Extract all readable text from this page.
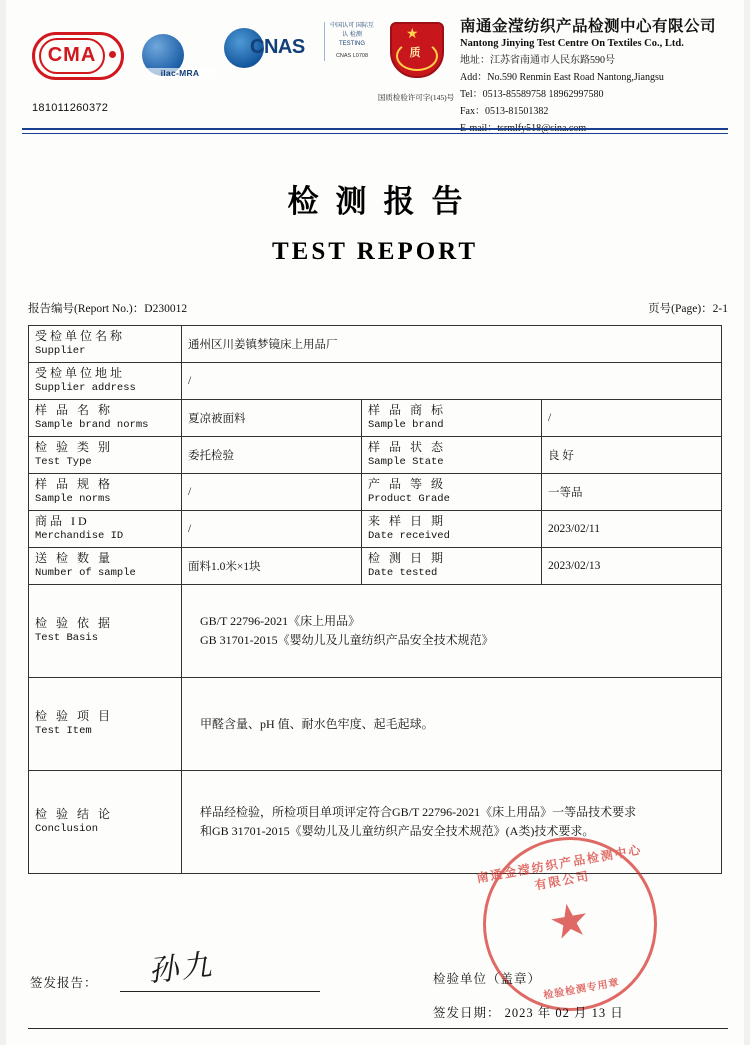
CMA
ilac-MRA
CNAS
中国认可 国际互认 检测
TESTING
CNAS L0708
★
质
国质检验许可字(145)号
181011260372
南通金滢纺织产品检测中心有限公司
Nantong Jinying Test Centre On Textiles Co., Ltd.
地址：江苏省南通市人民东路590号
Add：No.590 Renmin East Road Nantong,Jiangsu
Tel：0513-85589758 18962997580
Fax：0513-81501382
E-mail：tsrmlfy518@sina.com
检测报告
TEST REPORT
报告编号(Report No.)：D230012	页号(Page)：2-1
受检单位名称
Supplier	通州区川姜镇梦镜床上用品厂		

受检单位地址
Supplier address	/		

样 品 名 称
Sample brand norms	夏凉被面料	
样 品 商 标
Sample brand
	/

检 验 类 别
Test Type	委托检验	
样 品 状 态
Sample State	良 好

样 品 规 格
Sample norms
	/	
产 品 等 级
Product Grade	一等品

商品 ID
Merchandise ID
	/	
来 样 日 期
Date received
	2023/02/11

送 检 数 量
Number of sample	面料1.0米×1块	
检 测 日 期
Date tested
	2023/02/13

检 验 依 据
Test Basis

GB/T 22796-2021《床上用品》
GB 31701-2015《婴幼儿及儿童纺织产品安全技术规范》

检 验 项 目
Test Item	甲醛含量、pH 值、耐水色牢度、起毛起球。		

检 验 结 论
Conclusion

样品经检验，所检项目单项评定符合GB/T 22796-2021《床上用品》一等品技术要求
和GB 31701-2015《婴幼儿及儿童纺织产品安全技术规范》(A类)技术要求。
南通金滢纺织产品检测中心有限公司
★
检验检测专用章
签发报告： 孙九	检验单位（盖章）
签发日期： 2023 年 02 月 13 日
